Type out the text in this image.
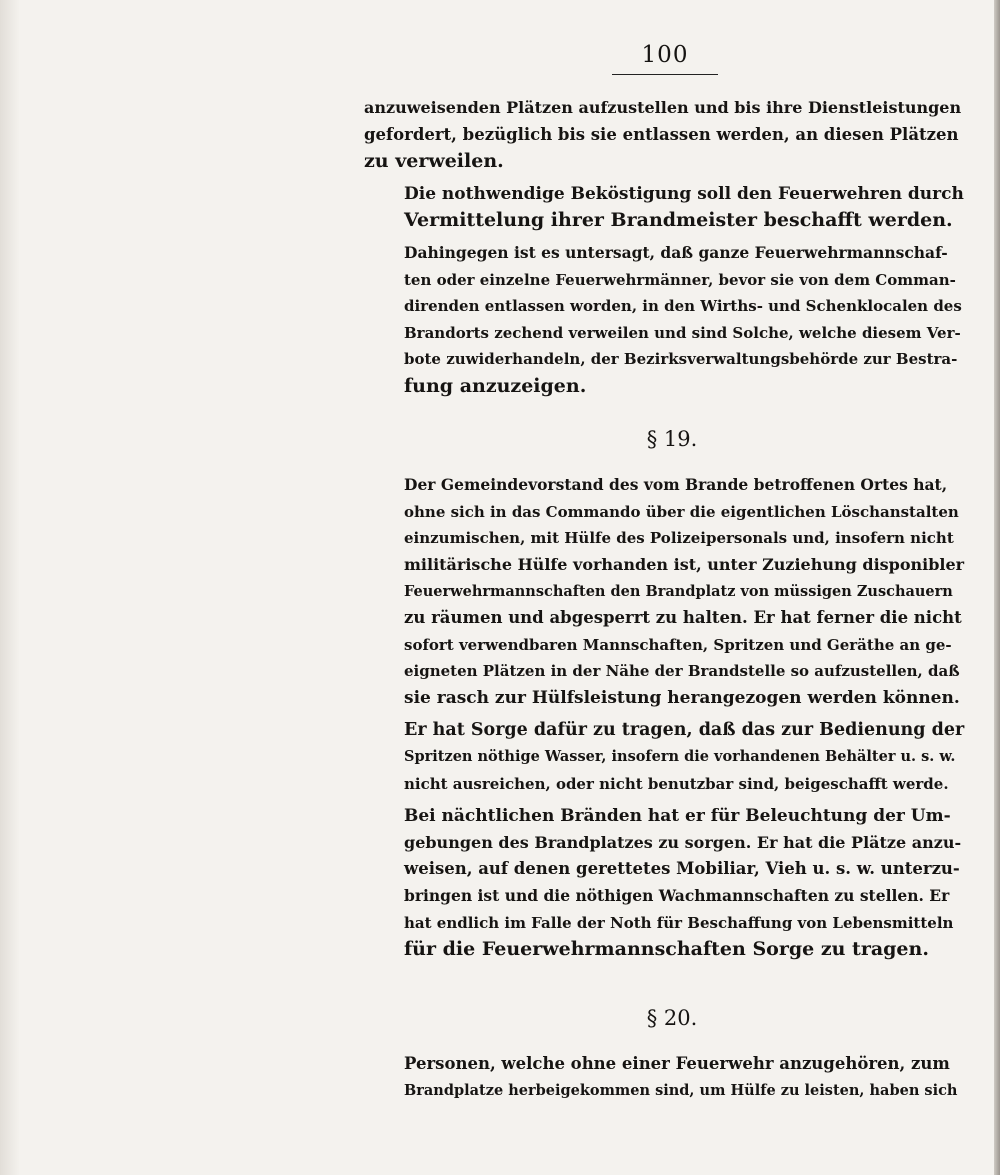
100

anzuweisenden Plätzen aufzustellen und bis ihre Dienstleistungen
gefordert, bezüglich bis sie entlassen werden, an diesen Plätzen
zu verweilen.

Die nothwendige Beköstigung soll den Feuerwehren durch
Vermittelung ihrer Brandmeister beschafft werden.

Dahingegen ist es untersagt, daß ganze Feuerwehrmannschaf-
ten oder einzelne Feuerwehrmänner, bevor sie von dem Comman-
direnden entlassen worden, in den Wirths- und Schenklocalen des
Brandorts zechend verweilen und sind Solche, welche diesem Ver-
bote zuwiderhandeln, der Bezirksverwaltungsbehörde zur Bestra-
fung anzuzeigen.

§ 19.

Der Gemeindevorstand des vom Brande betroffenen Ortes hat,
ohne sich in das Commando über die eigentlichen Löschanstalten
einzumischen, mit Hülfe des Polizeipersonals und, insofern nicht
militärische Hülfe vorhanden ist, unter Zuziehung disponibler
Feuerwehrmannschaften den Brandplatz von müssigen Zuschauern
zu räumen und abgesperrt zu halten. Er hat ferner die nicht
sofort verwendbaren Mannschaften, Spritzen und Geräthe an ge-
eigneten Plätzen in der Nähe der Brandstelle so aufzustellen, daß
sie rasch zur Hülfsleistung herangezogen werden können.

Er hat Sorge dafür zu tragen, daß das zur Bedienung der
Spritzen nöthige Wasser, insofern die vorhandenen Behälter u. s. w.
nicht ausreichen, oder nicht benutzbar sind, beigeschafft werde.

Bei nächtlichen Bränden hat er für Beleuchtung der Um-
gebungen des Brandplatzes zu sorgen. Er hat die Plätze anzu-
weisen, auf denen gerettetes Mobiliar, Vieh u. s. w. unterzu-
bringen ist und die nöthigen Wachmannschaften zu stellen. Er
hat endlich im Falle der Noth für Beschaffung von Lebensmitteln
für die Feuerwehrmannschaften Sorge zu tragen.

§ 20.

Personen, welche ohne einer Feuerwehr anzugehören, zum
Brandplatze herbeigekommen sind, um Hülfe zu leisten, haben sich
